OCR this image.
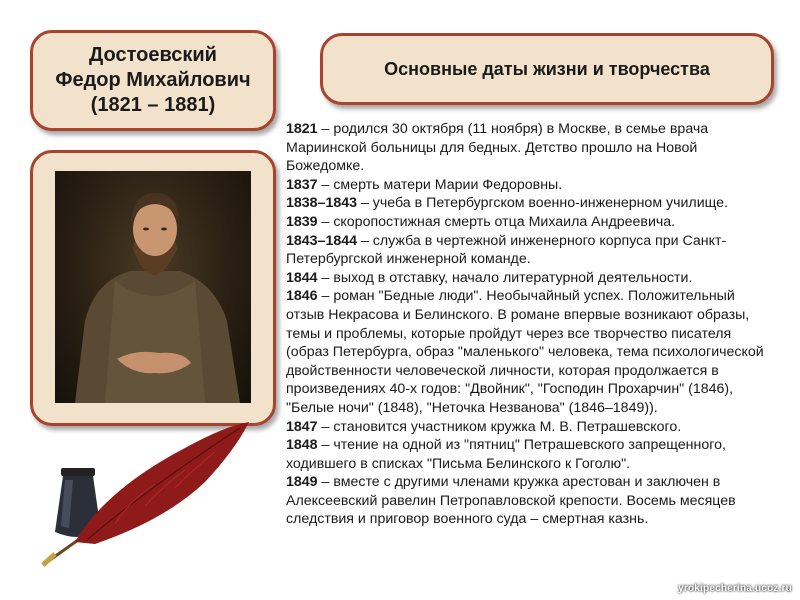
Достоевский
Федор Михайлович
(1821 – 1881)
Основные даты жизни и творчества
1821 – родился 30 октября (11 ноября) в Москве, в семье врача Мариинской больницы для бедных. Детство прошло на Новой Божедомке.
1837 – смерть матери Марии Федоровны.
1838–1843 – учеба в Петербургском военно-инженерном училище.
1839 – скоропостижная смерть отца Михаила Андреевича.
1843–1844 – служба в чертежной инженерного корпуса при Санкт-Петербургской инженерной команде.
1844 – выход в отставку, начало литературной деятельности.
1846 – роман "Бедные люди". Необычайный успех. Положительный отзыв Некрасова и Белинского. В романе впервые возникают образы, темы и проблемы, которые пройдут через все творчество писателя (образ Петербурга, образ "маленького" человека, тема психологической двойственности человеческой личности, которая продолжается в произведениях 40-х годов: "Двойник", "Господин Прохарчин" (1846), "Белые ночи" (1848), "Неточка Незванова" (1846–1849)).
1847 – становится участником кружка М. В. Петрашевского.
1848 – чтение на одной из "пятниц" Петрашевского запрещенного, ходившего в списках "Письма Белинского к Гоголю".
1849 – вместе с другими членами кружка арестован и заключен в Алексеевский равелин Петропавловской крепости. Восемь месяцев следствия и приговор военного суда – смертная казнь.
yrokipecherina.ucoz.ru
